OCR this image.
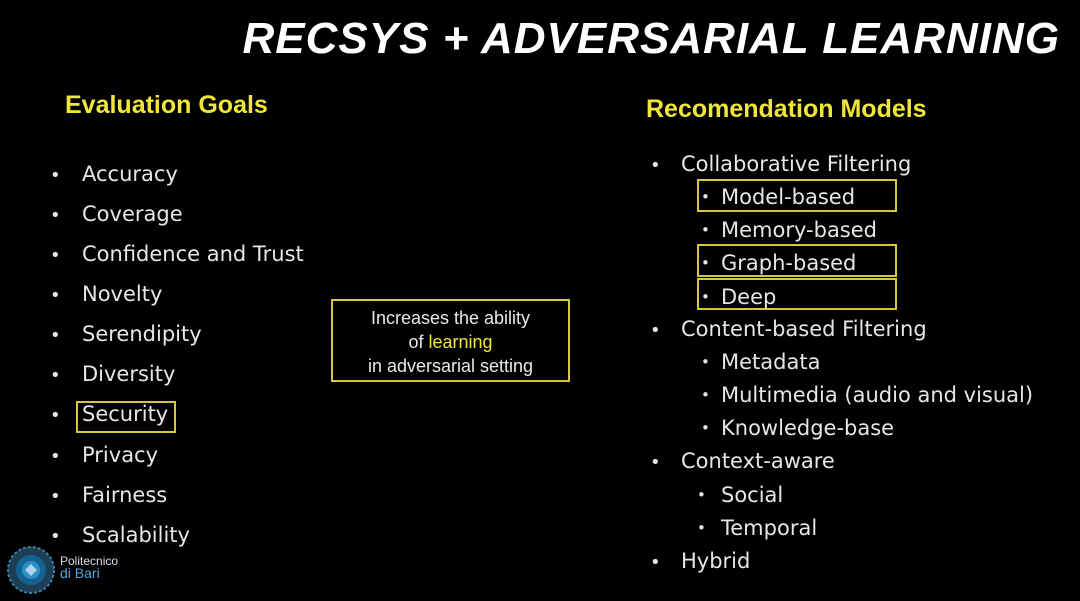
RECSYS + ADVERSARIAL LEARNING
Evaluation Goals
• Accuracy
• Coverage
• Confidence and Trust
• Novelty
• Serendipity
• Diversity
• Security
• Privacy
• Fairness
• Scalability
Increases the ability
of learning
in adversarial setting
Recomendation Models
• Collaborative Filtering
• Model-based
• Memory-based
• Graph-based
• Deep
• Content-based Filtering
• Metadata
• Multimedia (audio and visual)
• Knowledge-base
• Context-aware
• Social
• Temporal
• Hybrid
Politecnico
di Bari
